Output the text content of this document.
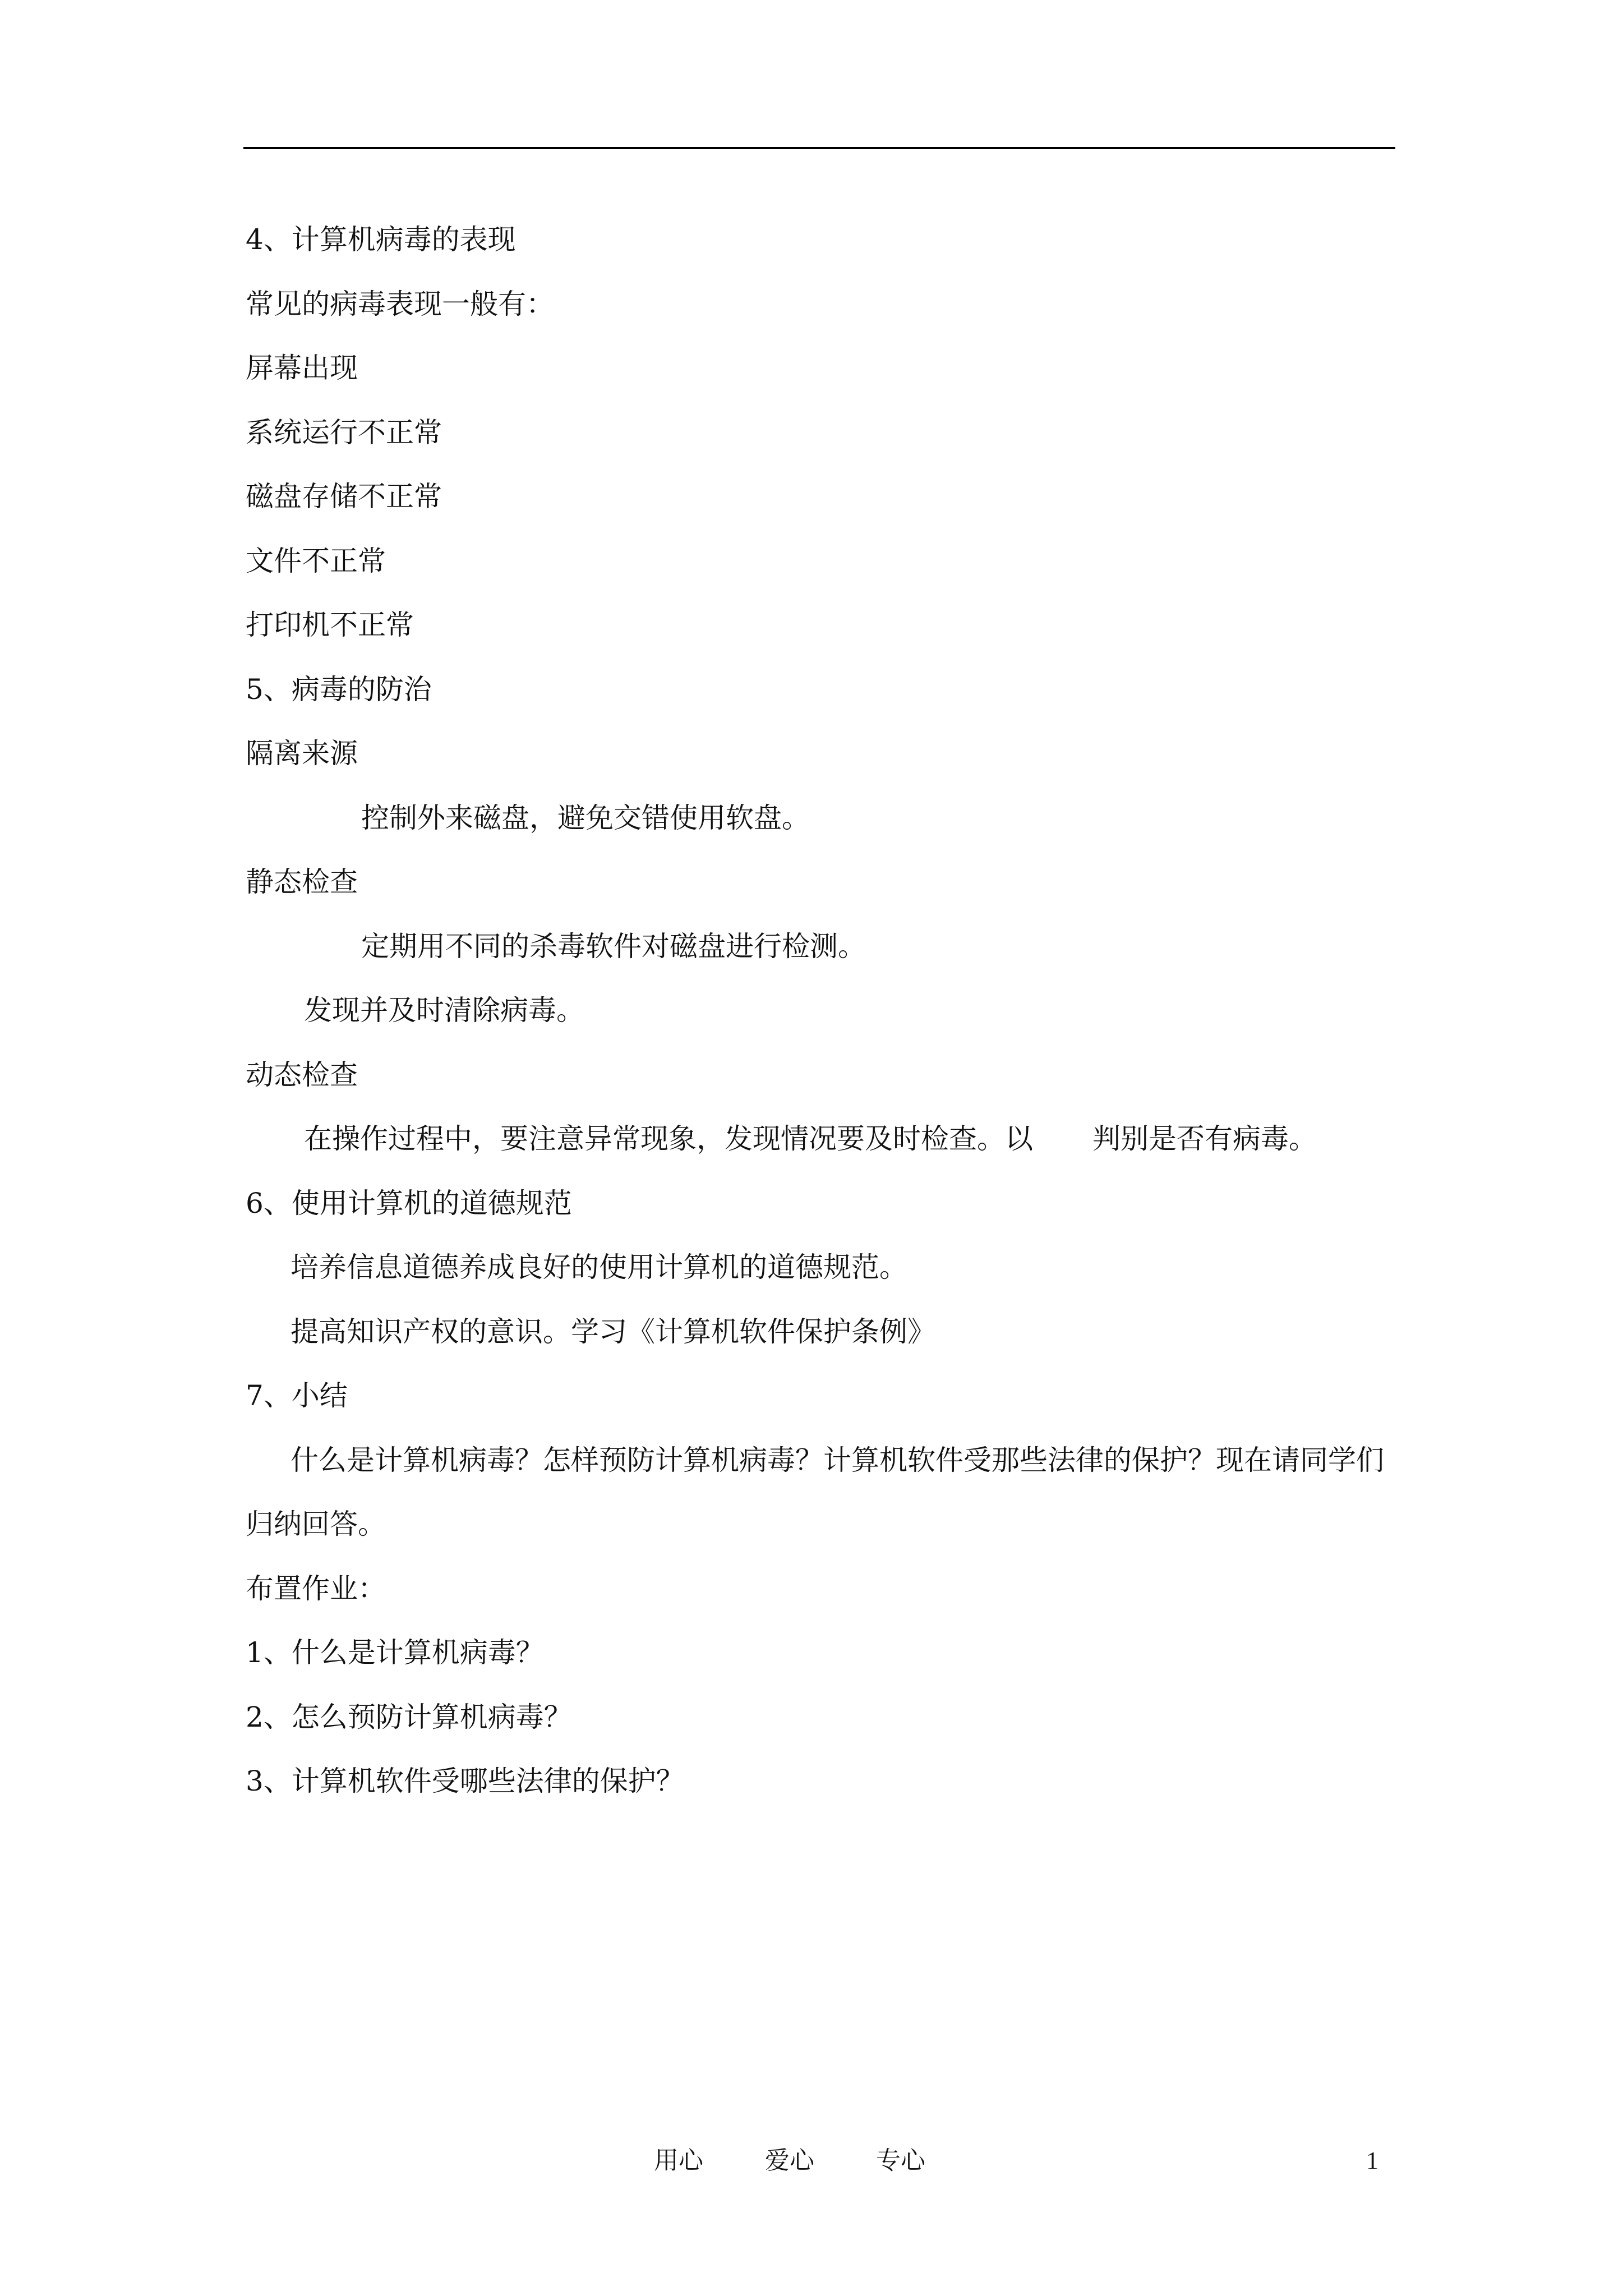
4、计算机病毒的表现
常见的病毒表现一般有：
屏幕出现
系统运行不正常
磁盘存储不正常
文件不正常
打印机不正常
5、病毒的防治
隔离来源
控制外来磁盘，避免交错使用软盘。
静态检查
定期用不同的杀毒软件对磁盘进行检测。
发现并及时清除病毒。
动态检查
在操作过程中，要注意异常现象，发现情况要及时检查。以 判别是否有病毒。
6、使用计算机的道德规范
培养信息道德养成良好的使用计算机的道德规范。
提高知识产权的意识。学习《计算机软件保护条例》
7、小结
什么是计算机病毒？怎样预防计算机病毒？计算机软件受那些法律的保护？现在请同学们归纳回答。
布置作业：
1、什么是计算机病毒？
2、怎么预防计算机病毒？
3、计算机软件受哪些法律的保护？
用心	爱心	专心	1
